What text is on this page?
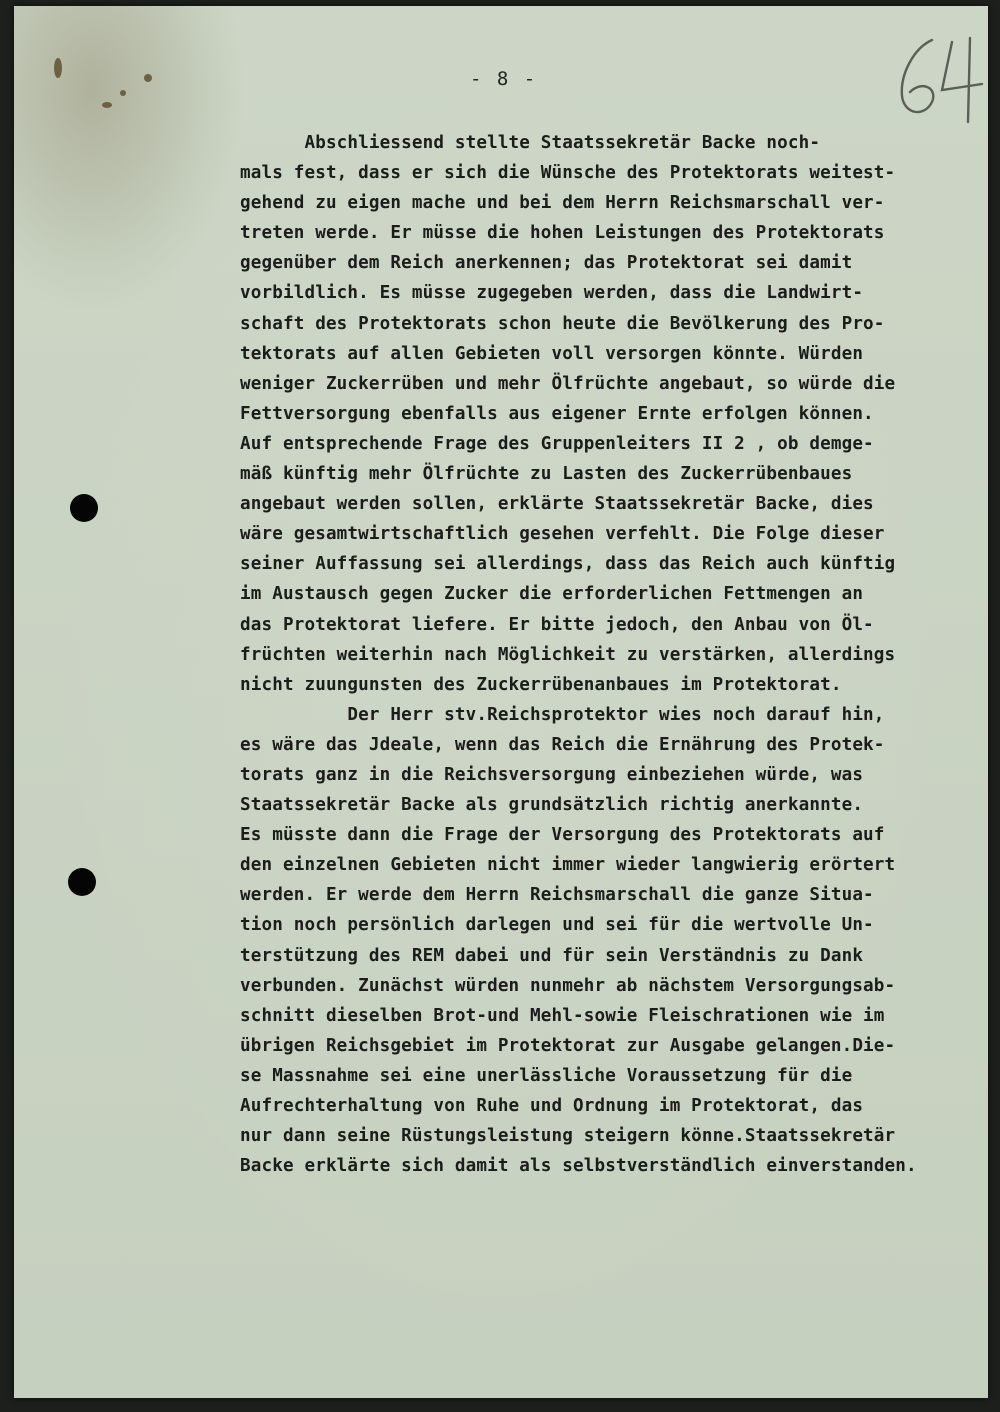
- 8 -
Abschliessend stellte Staatssekretär Backe noch-
mals fest, dass er sich die Wünsche des Protektorats weitest-
gehend zu eigen mache und bei dem Herrn Reichsmarschall ver-
treten werde. Er müsse die hohen Leistungen des Protektorats
gegenüber dem Reich anerkennen; das Protektorat sei damit
vorbildlich. Es müsse zugegeben werden, dass die Landwirt-
schaft des Protektorats schon heute die Bevölkerung des Pro-
tektorats auf allen Gebieten voll versorgen könnte. Würden
weniger Zuckerrüben und mehr Ölfrüchte angebaut, so würde die
Fettversorgung ebenfalls aus eigener Ernte erfolgen können.
Auf entsprechende Frage des Gruppenleiters II 2 , ob demge-
mäß künftig mehr Ölfrüchte zu Lasten des Zuckerrübenbaues
angebaut werden sollen, erklärte Staatssekretär Backe, dies
wäre gesamtwirtschaftlich gesehen verfehlt. Die Folge dieser
seiner Auffassung sei allerdings, dass das Reich auch künftig
im Austausch gegen Zucker die erforderlichen Fettmengen an
das Protektorat liefere. Er bitte jedoch, den Anbau von Öl-
früchten weiterhin nach Möglichkeit zu verstärken, allerdings
nicht zuungunsten des Zuckerrübenanbaues im Protektorat.
Der Herr stv.Reichsprotektor wies noch darauf hin,
es wäre das Jdeale, wenn das Reich die Ernährung des Protek-
torats ganz in die Reichsversorgung einbeziehen würde, was
Staatssekretär Backe als grundsätzlich richtig anerkannte.
Es müsste dann die Frage der Versorgung des Protektorats auf
den einzelnen Gebieten nicht immer wieder langwierig erörtert
werden. Er werde dem Herrn Reichsmarschall die ganze Situa-
tion noch persönlich darlegen und sei für die wertvolle Un-
terstützung des REM dabei und für sein Verständnis zu Dank
verbunden. Zunächst würden nunmehr ab nächstem Versorgungsab-
schnitt dieselben Brot-und Mehl-sowie Fleischrationen wie im
übrigen Reichsgebiet im Protektorat zur Ausgabe gelangen.Die-
se Massnahme sei eine unerlässliche Voraussetzung für die
Aufrechterhaltung von Ruhe und Ordnung im Protektorat, das
nur dann seine Rüstungsleistung steigern könne.Staatssekretär
Backe erklärte sich damit als selbstverständlich einverstanden.
